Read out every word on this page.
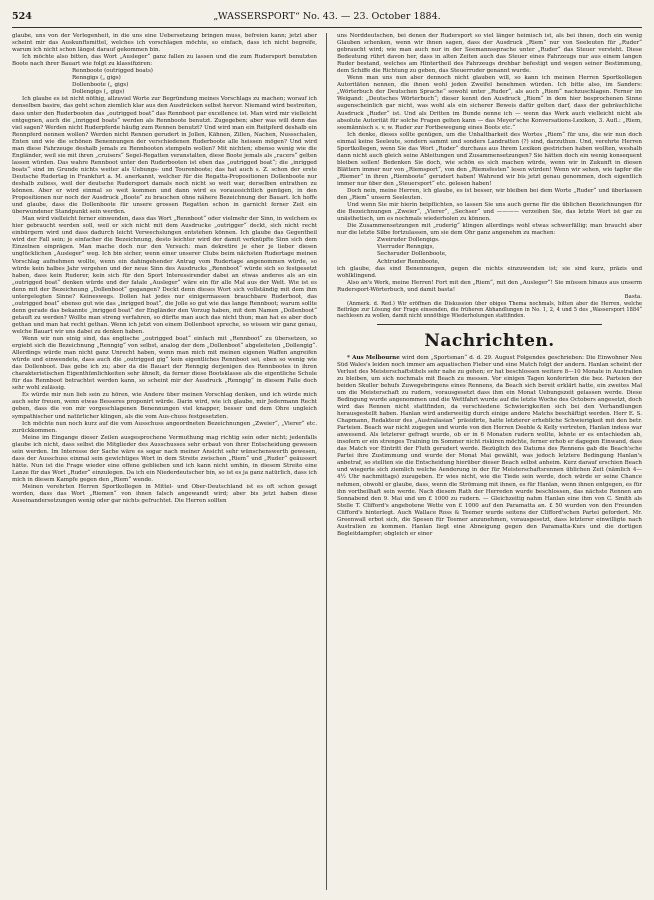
524	„WASSERSPORT“ No. 43. — 23. October 1884.

glaube, uns von der Verlegenheit, in die uns eine Uebersetzung bringen muss, befreien kann; jetzt aber scheint mir das Auskunftsmittel, welches ich vorschlagen möchte, so einfach, dass ich nicht begreife, warum ich nicht schon längst darauf gekommen bin.

Ich möchte also bitten, das Wort „Ausleger“ ganz fallen zu lassen und die zum Rudersport benutzten Boote nach ihrer Bauart wie folgt zu klassifiziren:

Rennboote (outrigged boats)
Renngigs („ gigs)
Dollenboote („ gigs)
Dollengigs („ gigs)

Ich glaube es ist nicht nöthig, allzuviel Worte zur Begründung meines Vorschlags zu machen; worauf ich denselben basire, das geht schon ziemlich klar aus den Ausdrücken selbst hervor. Niemand wird bestreiten, dass unter den Ruderbooten das „outrigged boat“ das Rennboot par excellence ist. Man wird mir vielleicht entgegnen, auch die „inrigged boats“ werden als Rennboote benutzt. Zugegeben; aber was will denn das viel sagen? Werden nicht Ruderpferde häufig zum Rennen benutzt? Und wird man ein Reitpferd deshalb ein Rennpferd nennen wollen? Werden nicht Rennen gerudert in Jollen, Kähnen, Zillen, Nachen, Nussschalen, Enten und wie die schönen Benennungen der verschiedenen Ruderboote alle heissen mögen? Und wird man diese Fahrzeuge deshalb jemals zu Rennbooten stempeln wollen? Mit nichten; ebenso wenig wie die Engländer, weil sie mit ihren „cruisers“ Segel-Regatten veranstalten, diese Boote jemals als „racers“ gelten lassen würden. Das wahre Rennboot unter den Ruderbooten ist eben das „outrigged boat“; die „inrigged boats“ sind im Grunde nichts weiter als Uebungs- und Tourenboote; das hat auch s. Z. schon der erste Deutsche Rudertag in Frankfurt a. M. anerkannt, welcher für die Regatta-Propositionen Dollenboote nur deshalb zuliess, weil der deutsche Rudersport damals noch nicht so weit war, derselben entrathen zu können. Aber er wird einmal so weit kommen und dann wird es voraussichtlich genügen, in den Propositionen nur noch der Ausdruck „Boote“ zu brauchen ohne nähere Bezeichnung der Bauart. Ich hoffe und glaube, dass die Dollenboote für unsere grossen Regatten schon in garnicht ferner Zeit ein überwundener Standpunkt sein werden.

Man wird vielleicht ferner einwenden, dass das Wort „Rennboot“ oder vielmehr der Sinn, in welchem es hier gebraucht werden soll, weil er sich nicht mit dem Ausdrucke „outrigger“ deckt, sich nicht recht einbürgern wird und dass dadurch leicht Verwechslungen entstehen können. Ich glaube das Gegentheil wird der Fall sein; je einfacher die Bezeichnung, desto leichter wird der damit verknüpfte Sinn sich dem Einzelnen einprägen. Man mache doch nur den Versuch: man dekretire je eher je lieber diesen unglücklichen „Ausleger“ weg. Ich bin sicher, wenn einer unserer Clubs beim nächsten Rudertage meinen Vorschlag aufnehmen wollte, wenn ein dahingehender Antrag vom Rudertage angenommen würde, so würde kein halbes Jahr vergehen und der neue Sinn des Ausdrucks „Rennboot“ würde sich so festgesetzt haben, dass kein Ruderer, kein sich für den Sport Interessirender dabei an etwas anderes als an ein „outrigged boat“ denken würde und der fatale „Ausleger“ wäre ein für alle Mal aus der Welt. Wie ist es denn mit der Bezeichnung „Dollenboot“ gegangen? Deckt denn dieses Wort sich vollständig mit dem ihm untergelegten Sinne? Keineswegs. Dollen hat jedes nur einigermassen brauchbare Ruderboot, das „outrigged boat“ ebenso gut wie das „inrigged boat“, die Jolle so gut wie das lange Rennboot; warum sollte denn gerade das bekannte „inrigged boat“ der Engländer den Vorzug haben, mit dem Namen „Dollenboot“ getauft zu werden? Wollte man streng verfahren, so dürfte man auch das nicht thun; man hat es aber doch gethan und man hat recht gethan. Wenn ich jetzt von einem Dollenboot spreche, so wissen wir ganz genau, welche Bauart wir uns dabei zu denken haben.

Wenn wir nun einig sind, das englische „outrigged boat“ einfach mit „Rennboot“ zu übersetzen, so ergiebt sich die Bezeichnung „Renngig“ von selbst, analog der dem „Dollenboot“ abgeleiteten „Dollengig“. Allerdings würde man nicht ganz Unrecht haben, wenn man mich mit meinen eigenen Waffen angreifen würde und einwendete, dass auch die „outrigged gig“ kein eigentliches Rennboot sei, eben so wenig wie das Dollenboot. Das gebe ich zu; aber da die Bauart der Renngig derjenigen des Rennbootes in ihren charakteristischen Eigenthümlichkeiten sehr ähnelt, da ferner diese Bootsklasse als die eigentliche Schule für das Rennboot betrachtet werden kann, so scheint mir der Ausdruck „Renngig“ in diesem Falle doch sehr wohl zulässig.

Es würde mir nun lieb sein zu hören, wie Andere über meinen Vorschlag denken, und ich würde mich auch sehr freuen, wenn etwas Besseres proponirt würde. Darin wird, wie ich glaube, mir Jedermann Recht geben, dass die von mir vorgeschlagenen Benennungen viel knapper, besser und dem Ohre ungleich sympathischer und natürlicher klingen, als die vom Aus-chuss festgesetzten.

Ich möchte nun noch kurz auf die vom Ausschuss angeordneten Bezeichnungen „Zweier“, „Vierer“ etc. zurückkommen.

Meine im Eingange dieser Zeilen ausgesprochene Vermuthung mag richtig sein oder nicht; jedenfalls glaube ich nicht, dass selbst die Mitglieder des Ausschusses sehr erbaut von ihrer Entscheidung gewesen sein werden. Im Interesse der Sache wäre es sogar nach meiner Ansicht sehr wünschenswerth gewesen, dass der Ausschuss einmal sein gewichtiges Wort in dem Streite zwischen „Riem“ und „Ruder“ geäussert hätte. Nun ist die Frage wieder eine offene geblieben und ich kann nicht umhin, in diesem Streite eine Lanze für das Wort „Ruder“ einzulegen. Da ich ein Niederdeutscher bin, so ist es ja ganz natürlich, dass ich mich in diesem Kampfe gegen den „Riem“ wende.

Meinen verehrten Herren Sportkollegen in Mittel- und Ober-Deutschland ist es oft schon gesagt worden, dass das Wort „Riemen“ von ihnen falsch angewandt wird; aber bis jetzt haben diese Auseinandersetzungen wenig oder gar nichts gefruchtet. Die Herren sollten

uns Norddeutschen, bei denen der Rudersport so viel länger heimisch ist, als bei ihnen, doch ein wenig Glauben schenken, wenn wir ihnen sagen, dass der Ausdruck „Riem“ nur von Seeleuten für „Ruder“ gebraucht wird; wie man auch nur in der Seemannssprache unter „Ruder“ das Steuer versteht. Diese Bedeutung rührt davon her, dass in alten Zeiten auch das Steuer eines Fahrzeugs nur aus einem langen Ruder bestand, welches am Hintertheil des Fahrzeugs drehbar befestigt und wegen seiner Bestimmung, dem Schiffe die Richtung zu geben, das Steuerruder genannt wurde.

Wenn man uns nun aber dennoch nicht glauben will, so kann ich meinen Herren Sportkollegen Autoritäten nennen, die ihnen wohl jeden Zweifel benehmen würden. Ich bitte also, im Sanders: „Wörterbuch der Deutschen Sprache“ sowohl unter „Ruder“, als auch „Riem“ nachzuschlagen. Ferner im Weigand: „Deutsches Wörterbuch“; dieser kennt den Ausdruck „Riem“ in dem hier besprochenen Sinne augenscheinlich gar nicht, was wohl als ein sicherer Beweis dafür gelten darf, dass der gebräuchliche Ausdruck „Ruder“ ist. Und als Dritten im Bunde nenne ich — wenn das Werk auch vielleicht nicht als absolute Autorität für solche Fragen gelten kann — das Meyer'sche Konversations-Lexikon, 3. Aufl.: „Riem, seemännisch s. v. w. Ruder zur Fortbewegung eines Boots etc.“

Ich denke, dieses sollte genügen, um die Unhaltbarkeit des Wortes „Riem“ für uns, die wir nun doch einmal keine Seeleute, sondern sammt und sonders Landratten (?) sind, darzuthun. Und, verehrte Herren Sportkollegen, wenn Sie das Wort „Ruder“ durchaus aus Ihrem Lexikon gestrichen haben wollten, weshalb dann nicht auch gleich seine Ableitungen und Zusammensetzungen? Sie hätten doch ein wenig konsequent bleiben sollen! Bedenken Sie doch, wie schön es sich machen würde, wenn wir in Zukunft in diesen Blättern immer nur von „Riemsport“, von den „Riemsfesten“ lesen würden! Wenn wir sehen, wie tapfer die „Riemer“ in ihren „Riemboote“ gerudert haben! Wahrend wir bis jetzt genau genommen, doch eigentlich immer nur über den „Steuersport“ etc. gelesen haben!

Doch nein, meine Herren, ich glaube, es ist besser, wir bleiben bei dem Worte „Ruder“ und überlassen den „Riem“ unsern Seeleuten.

Und wenn Sie mir hierin beipflichten, so lassen Sie uns auch gerne für die üblichen Bezeichnungen für die Bezeichnungen „Zweier“, „Vierer“, „Sechser“ und ———— verzeihen Sie, das letzte Wort ist gar zu unästhetisch, um es nochmals wiederholen zu können.

Die Zusammensetzungen mit „ruderig“ klingen allerdings wohl etwas schwerfällig; man braucht aber nur die letzte Silbe fortzulassen, um sie dem Ohr ganz angenehm zu machen:

Zweiruder Dollengigs.
Vierruder Renngigs,
Sechsruder Dollenboote,
Achtruder Rennboote,

ich glaube, das sind Benennungen, gegen die nichts einzuwenden ist; sie sind kurz, präzis und wohlklingend.

Also an's Werk, meine Herren! Fort mit den „Riem“, mit den „Ausleger“! Sie müssen hinaus aus unserm Rudersport-Wörterbuch, und damit basta!

Basta.

(Anmerk. d. Red.) Wir eröffnen die Diskussion über obiges Thema nochmals, bitten aber die Herren, welche Beiträge zur Lösung der Frage einsenden, die früheren Abhandlungen in No. 1, 2, 4 und 5 des „Wassersport 1884“ nachlesen zu wollen, damit nicht unnöthige Wiederholungen stattfinden.

Nachrichten.

* Aus Melbourne wird dem „Sportsman“ d. d. 29. August Folgendes geschrieben: Die Einwohner Neu Süd Wales's leiden noch immer am aquatischen Fieber und eine Match folgt der andern. Hanlan scheint der Verlust des Meisterschaftstitels sehr nahe zu gehen; er hat beschlossen weitere 8—10 Monate in Australien zu bleiben, um sich nochmals mit Beach zu messen. Vor einigen Tagen konferirten die bez. Parteien der beiden Skuller behufs Zuwegebringens eines Rennens, da Beach sich bereit erklärt hatte, ein zweites Mal um die Meisterschaft zu rudern, vorausgesetzt dass ihm ein Monat Uebungszeit gelassen werde. Diese Bedingung wurde angenommen und die Wettfahrt wurde auf die letzte Woche des Octobers angesetzt, doch wird das Rennen nicht stattfinden, da verschiedene Schwierigkeiten sich bei den Verhandlungen herausgestellt haben. Hanlan wird anderweitig durch einige andere Matchs beschäftigt werden. Herr E. S. Chapmann, Redakteur des „Australasian“ präsidirte, hatte letzterer erhebliche Schwierigkeit mit den betr. Parteien. Beach war nicht zugegen und wurde von den Herren Deeble & Kelly vertreten, Hanlan indess war anwesend. Als letzterer gefragt wurde, ob er in 6 Monaten rudern wollte, lehnte er es entschieden ab, insofern er ein strenges Training im Sommer nicht riskiren möchte, ferner erhob er dagegen Einwand, dass das Match vor Eintritt der Fluth gerudert werde. Bezüglich des Datums des Rennens gab die Beach'sche Partei ihre Zustimmung und wurde der Monat Mai gewählt, was jedoch letztere Bedingung Hanlan's anbetraf, so stellten sie die Entscheidung hierüber dieser Beach selbst anheim. Kurz darauf erschien Beach und wiegerte sich ziemlich welche Aenderung in der für Meisterschaftsrennen üblichen Zeit (nämlich 4—4½ Uhr nachmittags) zuzugeben. Er wies nicht, wie die Tiede sein werde, doch würde er seine Chance nehmen, obwohl er glaube, dass, wenn die Strömung mit ihnen, es für Hanlan, wenn ihnen entgegen, es für ihn vortheilhaft sein werde. Nach diesem Rath der Herreden wurde beschlossen, das nächste Rennen am Sonnabend den 9. Mai und um £ 1000 zu rudern. — Gleichzeitig nahm Hanlan eine ihm von C. Smith als Stelle T. Clifford's angebotene Wette von £ 1000 auf den Paramatta an. £ 50 wurden von den Freunden Clifford's hinterlegt. Auch Wallace Ross & Teemer wurde seitens der Clifford'schen Partei gefordert. Mr. Greenwall erbot sich, die Spesen für Teemer anzunehmen, vorausgesetzt, dass letzterer einwilligte nach Australien zu kommen. Hanlan liegt eine Abneigung gegen den Paramatta-Kurs und die dortigen Begleitdampfer; obgleich er einer
